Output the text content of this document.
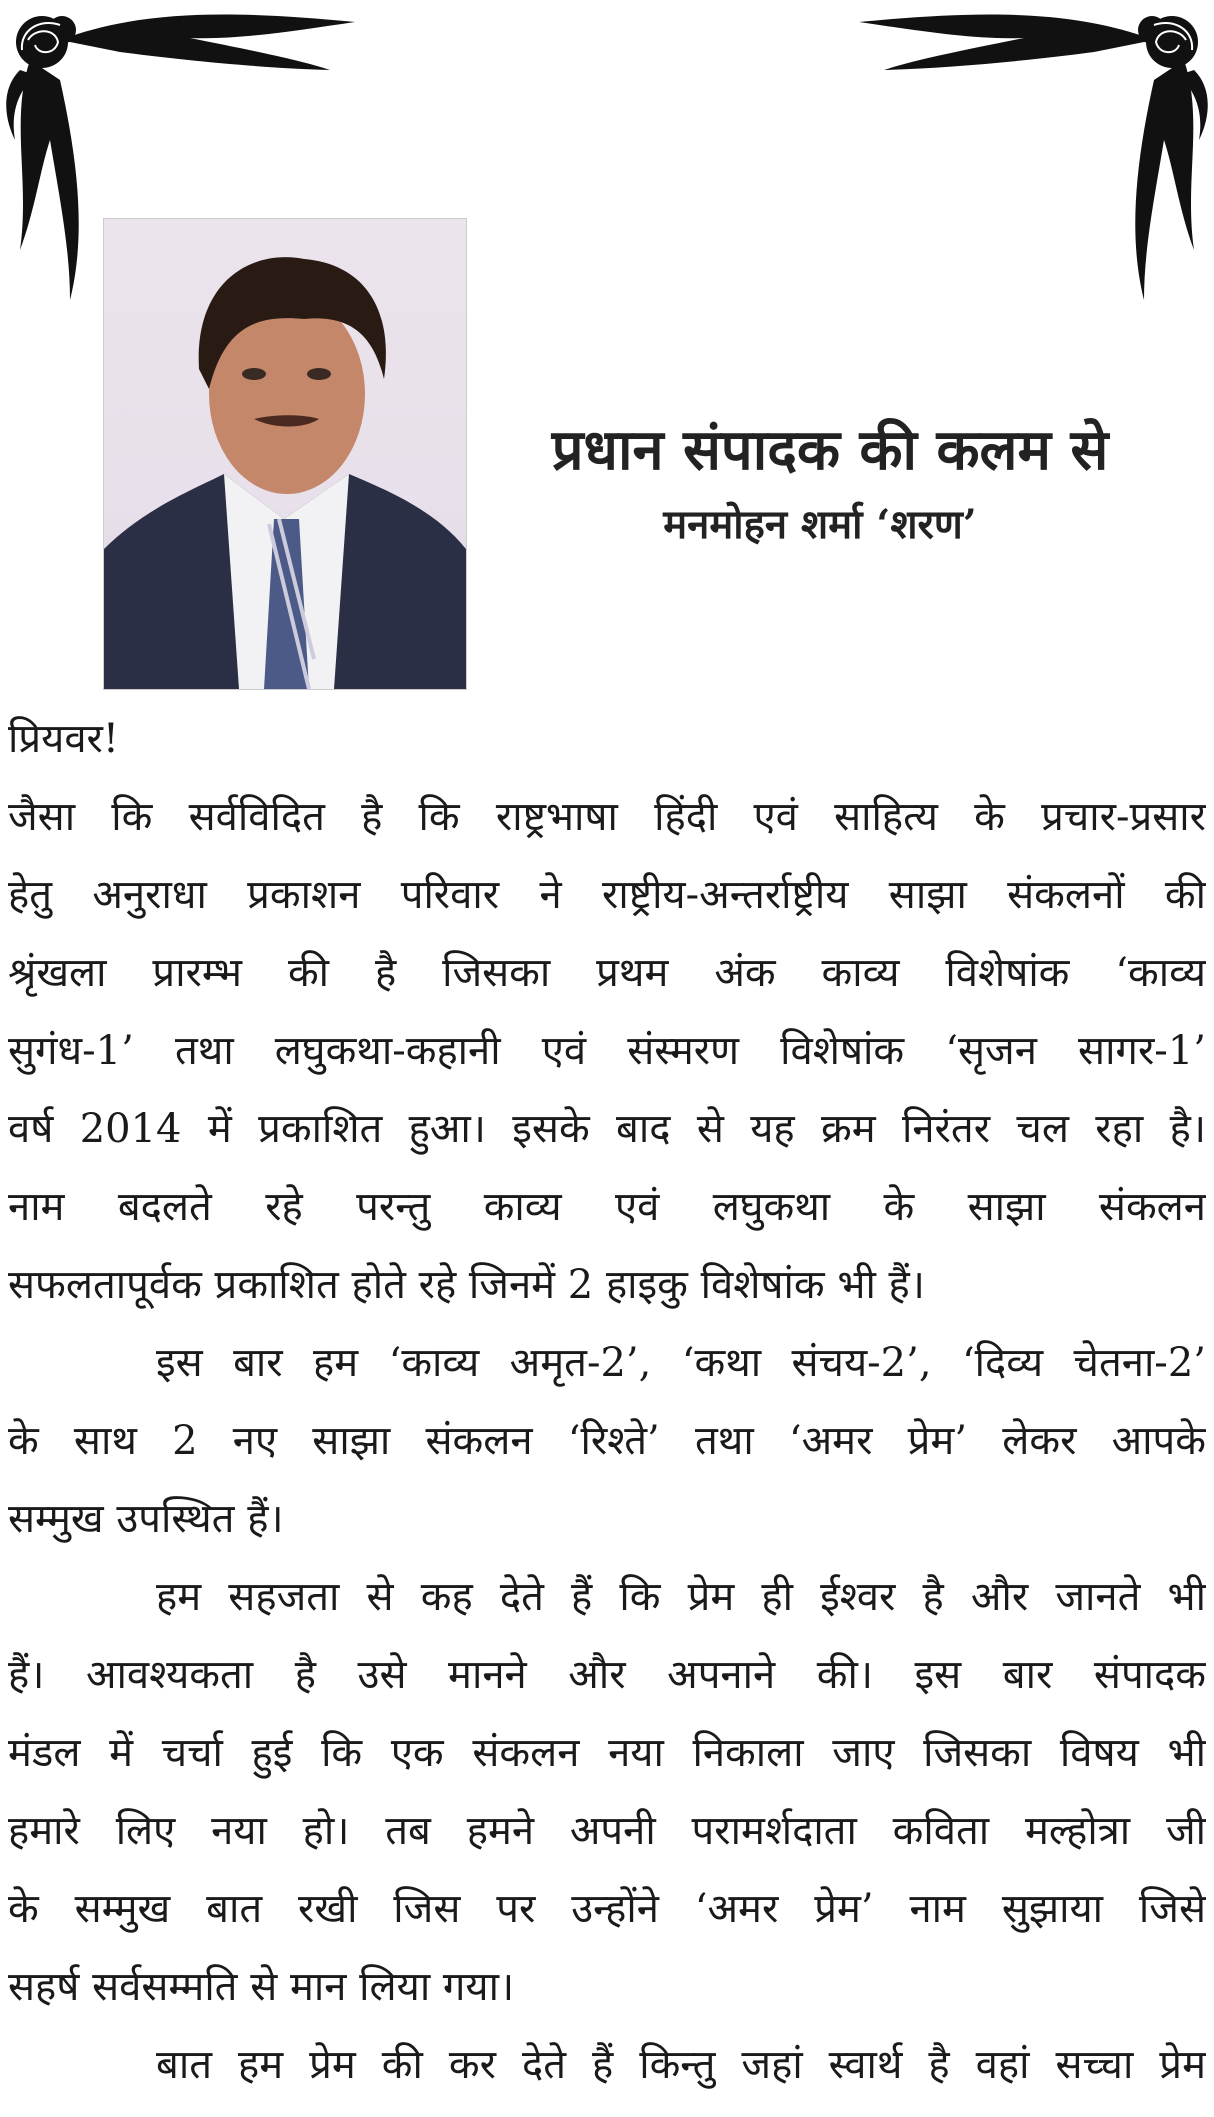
प्रधान संपादक की कलम से
मनमोहन शर्मा ‘शरण’
प्रियवर!
जैसा कि सर्वविदित है कि राष्ट्रभाषा हिंदी एवं साहित्य के प्रचार-प्रसार
हेतु अनुराधा प्रकाशन परिवार ने राष्ट्रीय-अन्तर्राष्ट्रीय साझा संकलनों की
श्रृंखला प्रारम्भ की है जिसका प्रथम अंक काव्य विशेषांक ‘काव्य
सुगंध-1’ तथा लघुकथा-कहानी एवं संस्मरण विशेषांक ‘सृजन सागर-1’
वर्ष 2014 में प्रकाशित हुआ। इसके बाद से यह क्रम निरंतर चल रहा है।
नाम बदलते रहे परन्तु काव्य एवं लघुकथा के साझा संकलन
सफलतापूर्वक प्रकाशित होते रहे जिनमें 2 हाइकु विशेषांक भी हैं।
इस बार हम ‘काव्य अमृत-2’, ‘कथा संचय-2’, ‘दिव्य चेतना-2’
के साथ 2 नए साझा संकलन ‘रिश्ते’ तथा ‘अमर प्रेम’ लेकर आपके
सम्मुख उपस्थित हैं।
हम सहजता से कह देते हैं कि प्रेम ही ईश्वर है और जानते भी
हैं। आवश्यकता है उसे मानने और अपनाने की। इस बार संपादक
मंडल में चर्चा हुई कि एक संकलन नया निकाला जाए जिसका विषय भी
हमारे लिए नया हो। तब हमने अपनी परामर्शदाता कविता मल्होत्रा जी
के सम्मुख बात रखी जिस पर उन्होंने ‘अमर प्रेम’ नाम सुझाया जिसे
सहर्ष सर्वसम्मति से मान लिया गया।
बात हम प्रेम की कर देते हैं किन्तु जहां स्वार्थ है वहां सच्चा प्रेम
